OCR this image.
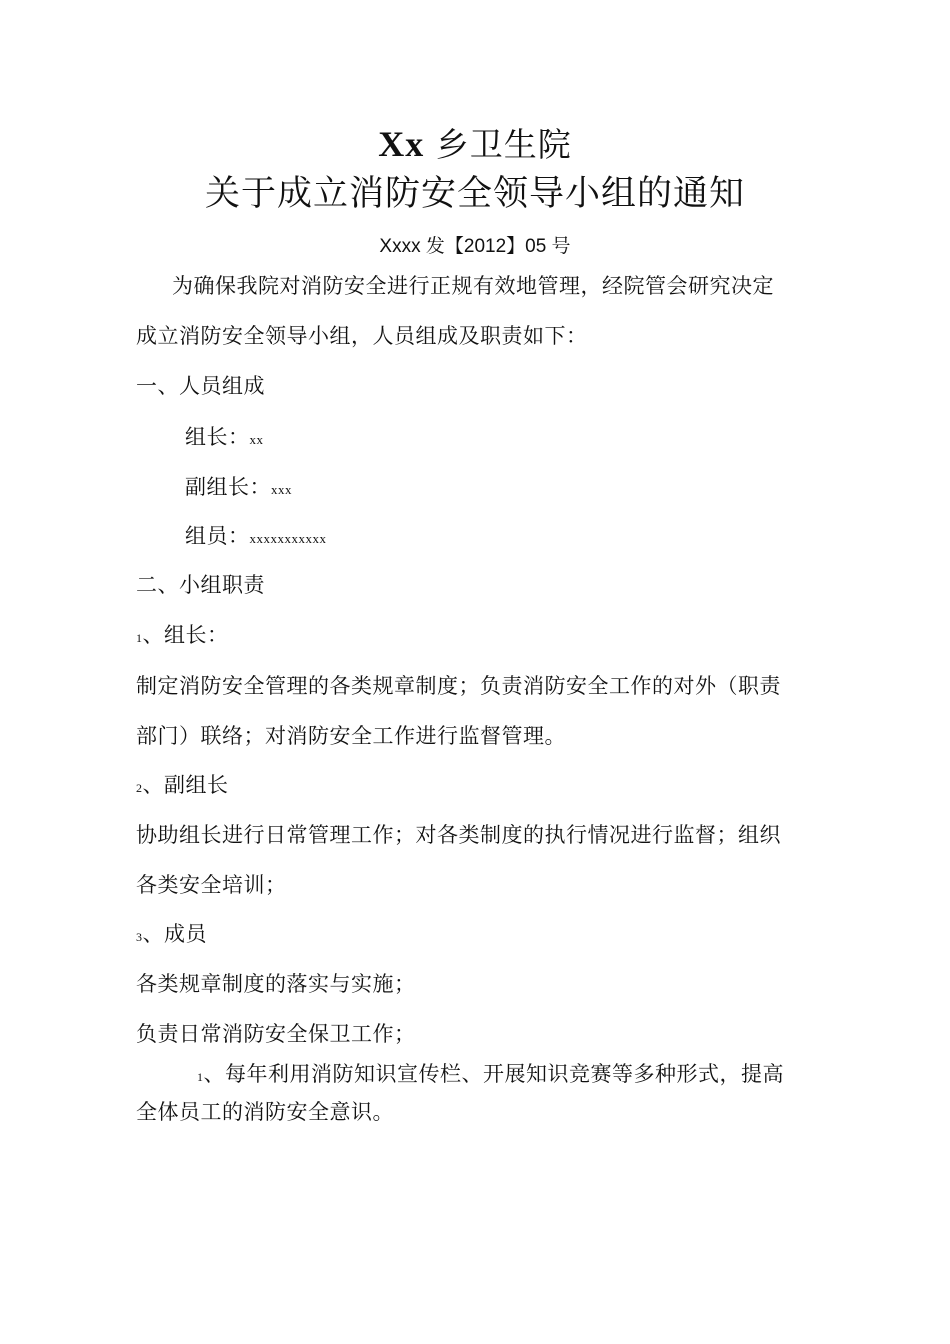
Xx 乡卫生院
关于成立消防安全领导小组的通知
Xxxx 发【2012】05 号
为确保我院对消防安全进行正规有效地管理，经院管会研究决定
成立消防安全领导小组，人员组成及职责如下：
一、人员组成
组长：xx
副组长：xxx
组员：xxxxxxxxxxx
二、小组职责
1、组长：
制定消防安全管理的各类规章制度；负责消防安全工作的对外（职责
部门）联络；对消防安全工作进行监督管理。
2、副组长
协助组长进行日常管理工作；对各类制度的执行情况进行监督；组织
各类安全培训；
3、成员
各类规章制度的落实与实施；
负责日常消防安全保卫工作；
1、每年利用消防知识宣传栏、开展知识竞赛等多种形式，提高
全体员工的消防安全意识。
